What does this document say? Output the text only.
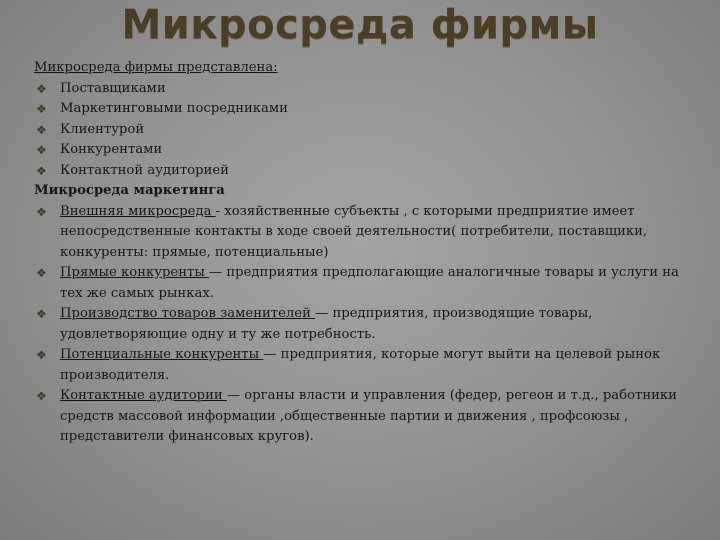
Микросреда фирмы
Микросреда фирмы представлена:
❖ Поставщиками
❖ Маркетинговыми посредниками
❖ Клиентурой
❖ Конкурентами
❖ Контактной аудиторией
Микросреда маркетинга
❖ Внешняя микросреда - хозяйственные субъекты , с которыми предприятие имеет непосредственные контакты в ходе своей деятельности( потребители, поставщики, конкуренты: прямые, потенциальные)
❖ Прямые конкуренты — предприятия предполагающие аналогичные товары и услуги на тех же самых рынках.
❖ Производство товаров заменителей — предприятия, производящие товары, удовлетворяющие одну и ту же потребность.
❖ Потенциальные конкуренты — предприятия, которые могут выйти на целевой рынок производителя.
❖ Контактные аудитории — органы власти и управления (федер, регеон и т.д., работники средств массовой информации ,общественные партии и движения , профсоюзы , представители финансовых кругов).
